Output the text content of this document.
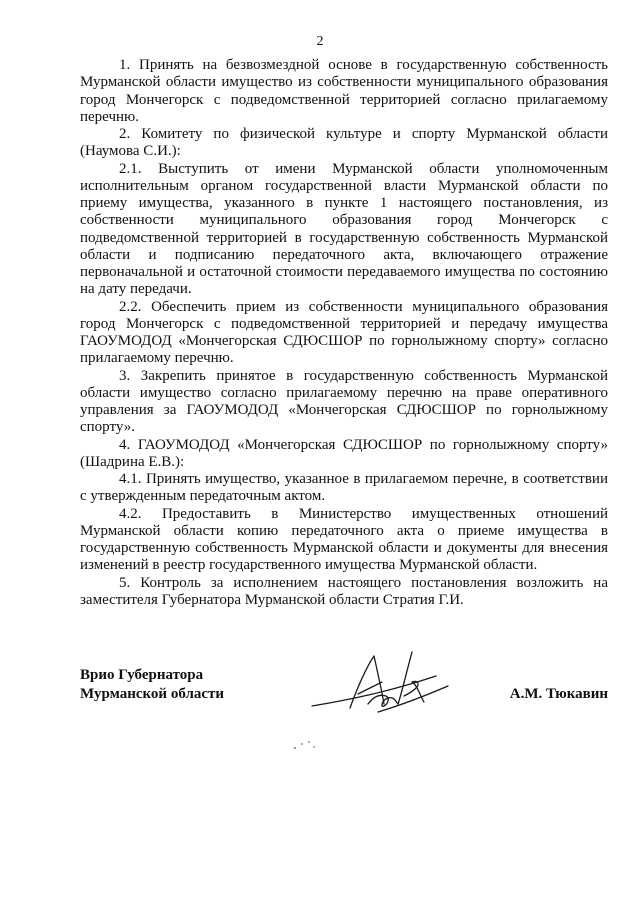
2

1. Принять на безвозмездной основе в государственную собственность Мурманской области имущество из собственности муниципального образования город Мончегорск с подведомственной территорией согласно прилагаемому перечню.

2. Комитету по физической культуре и спорту Мурманской области (Наумова С.И.):

2.1. Выступить от имени Мурманской области уполномоченным исполнительным органом государственной власти Мурманской области по приему имущества, указанного в пункте 1 настоящего постановления, из собственности муниципального образования город Мончегорск с подведомственной территорией в государственную собственность Мурманской области и подписанию передаточного акта, включающего отражение первоначальной и остаточной стоимости передаваемого имущества по состоянию на дату передачи.

2.2. Обеспечить прием из собственности муниципального образования город Мончегорск с подведомственной территорией и передачу имущества ГАОУМОДОД «Мончегорская СДЮСШОР по горнолыжному спорту» согласно прилагаемому перечню.

3. Закрепить принятое в государственную собственность Мурманской области имущество согласно прилагаемому перечню на праве оперативного управления за ГАОУМОДОД «Мончегорская СДЮСШОР по горнолыжному спорту».

4. ГАОУМОДОД «Мончегорская СДЮСШОР по горнолыжному спорту» (Шадрина Е.В.):

4.1. Принять имущество, указанное в прилагаемом перечне, в соответствии с утвержденным передаточным актом.

4.2. Предоставить в Министерство имущественных отношений Мурманской области копию передаточного акта о приеме имущества в государственную собственность Мурманской области и документы для внесения изменений в реестр государственного имущества Мурманской области.

5. Контроль за исполнением настоящего постановления возложить на заместителя Губернатора Мурманской области Стратия Г.И.

Врио Губернатора
Мурманской области	А.М. Тюкавин
